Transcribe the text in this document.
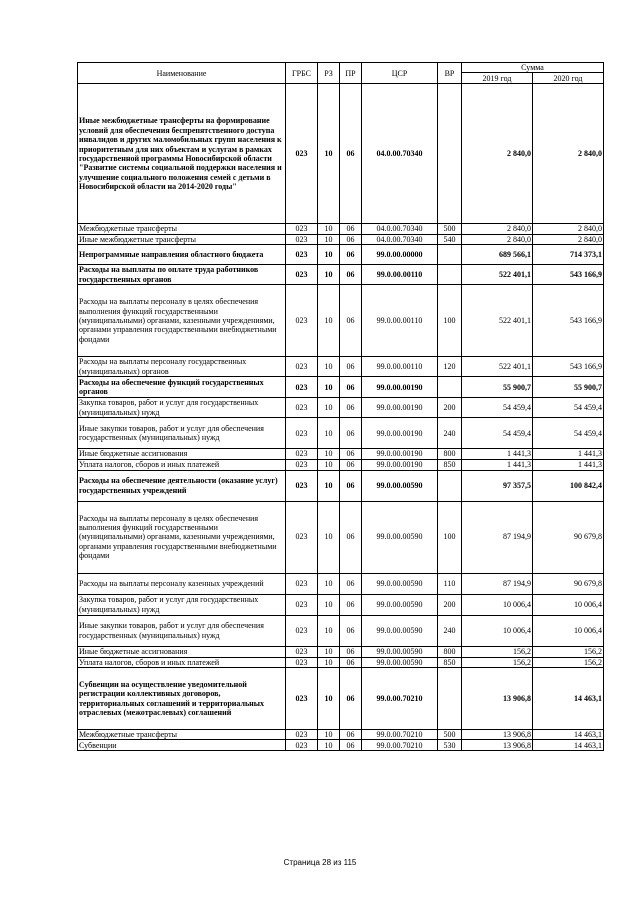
Наименование	ГРБС	РЗ	ПР	ЦСР	ВР	Сумма	
						2019 год	2020 год
Иные межбюджетные трансферты на формирование условий для обеспечения беспрепятственного доступа инвалидов и других маломобильных групп населения к приоритетным для них объектам и услугам в рамках государственной программы Новосибирской области "Развитие системы социальной поддержки населения и улучшение социального положения семей с детьми в Новосибирской области на 2014-2020 годы"	023	10	06	04.0.00.70340		2 840,0	2 840,0
Межбюджетные трансферты	023	10	06	04.0.00.70340	500	2 840,0	2 840,0
Иные межбюджетные трансферты	023	10	06	04.0.00.70340	540	2 840,0	2 840,0
Непрограммные направления областного бюджета	023	10	06	99.0.00.00000		689 566,1	714 373,1
Расходы на выплаты по оплате труда работников государственных органов	023	10	06	99.0.00.00110		522 401,1	543 166,9
Расходы на выплаты персоналу в целях обеспечения выполнения функций государственными (муниципальными) органами, казенными учреждениями, органами управления государственными внебюджетными фондами	023	10	06	99.0.00.00110	100	522 401,1	543 166,9
Расходы на выплаты персоналу государственных (муниципальных) органов	023	10	06	99.0.00.00110	120	522 401,1	543 166,9
Расходы на обеспечение функций государственных органов	023	10	06	99.0.00.00190		55 900,7	55 900,7
Закупка товаров, работ и услуг для государственных (муниципальных) нужд	023	10	06	99.0.00.00190	200	54 459,4	54 459,4
Иные закупки товаров, работ и услуг для обеспечения государственных (муниципальных) нужд	023	10	06	99.0.00.00190	240	54 459,4	54 459,4
Иные бюджетные ассигнования	023	10	06	99.0.00.00190	800	1 441,3	1 441,3
Уплата налогов, сборов и иных платежей	023	10	06	99.0.00.00190	850	1 441,3	1 441,3
Расходы на обеспечение деятельности (оказание услуг) государственных учреждений	023	10	06	99.0.00.00590		97 357,5	100 842,4
Расходы на выплаты персоналу в целях обеспечения выполнения функций государственными (муниципальными) органами, казенными учреждениями, органами управления государственными внебюджетными фондами	023	10	06	99.0.00.00590	100	87 194,9	90 679,8
Расходы на выплаты персоналу казенных учреждений	023	10	06	99.0.00.00590	110	87 194,9	90 679,8
Закупка товаров, работ и услуг для государственных (муниципальных) нужд	023	10	06	99.0.00.00590	200	10 006,4	10 006,4
Иные закупки товаров, работ и услуг для обеспечения государственных (муниципальных) нужд	023	10	06	99.0.00.00590	240	10 006,4	10 006,4
Иные бюджетные ассигнования	023	10	06	99.0.00.00590	800	156,2	156,2
Уплата налогов, сборов и иных платежей	023	10	06	99.0.00.00590	850	156,2	156,2
Субвенции на осуществление уведомительной регистрации коллективных договоров, территориальных соглашений и территориальных отраслевых (межотраслевых) соглашений	023	10	06	99.0.00.70210		13 906,8	14 463,1
Межбюджетные трансферты	023	10	06	99.0.00.70210	500	13 906,8	14 463,1
Субвенции	023	10	06	99.0.00.70210	530	13 906,8	14 463,1
Страница 28 из 115
